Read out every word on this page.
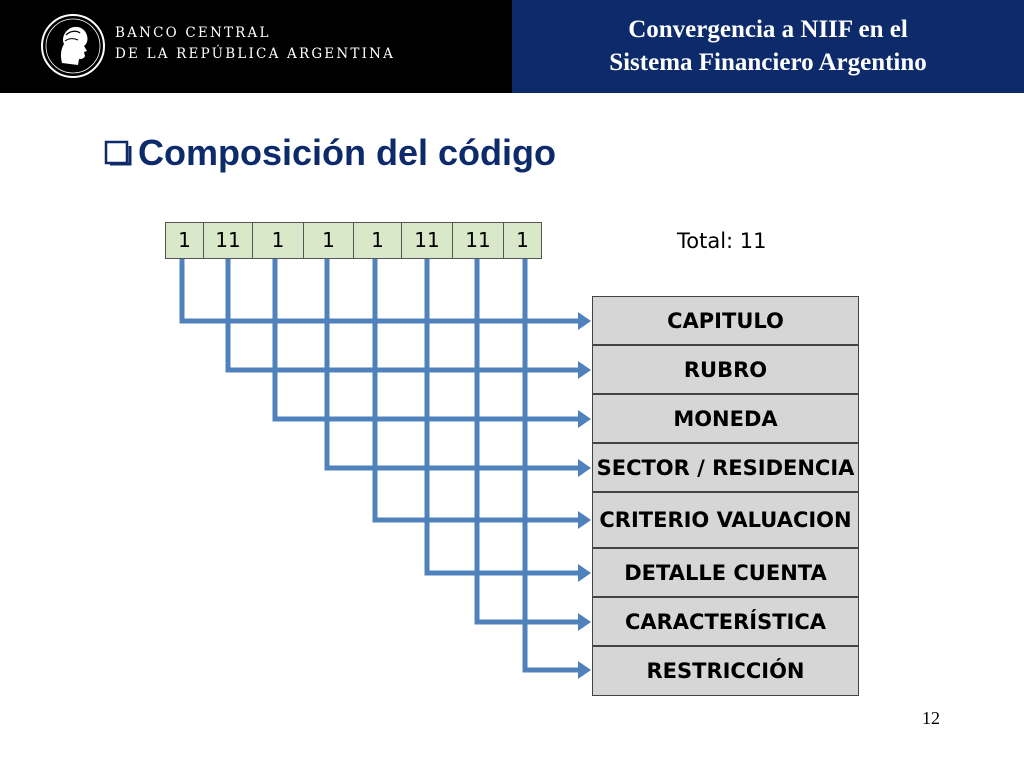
BANCO CENTRAL
DE LA REPÚBLICA ARGENTINA
Convergencia a NIIF en el
Sistema Financiero Argentino
Composición del código
1	11	1	1	1	11	11	1	Total: 11
CAPITULO
RUBRO
MONEDA
SECTOR / RESIDENCIA
CRITERIO VALUACION
DETALLE CUENTA
CARACTERÍSTICA
RESTRICCIÓN
12
